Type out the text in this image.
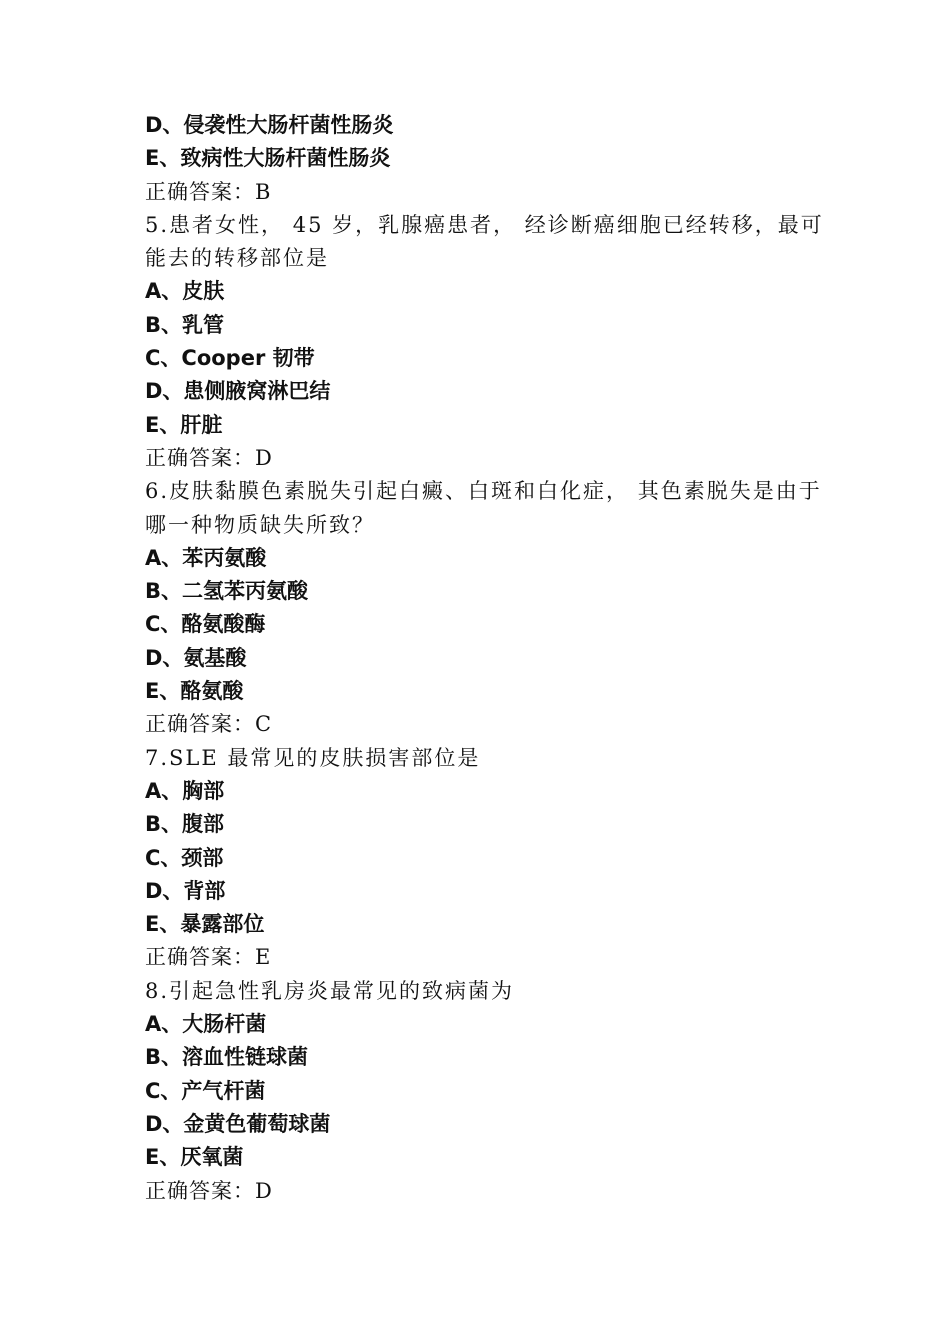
D、侵袭性大肠杆菌性肠炎
E、致病性大肠杆菌性肠炎
正确答案：B
5.患者女性， 45 岁，乳腺癌患者， 经诊断癌细胞已经转移，最可
能去的转移部位是
A、皮肤
B、乳管
C、Cooper 韧带
D、患侧腋窝淋巴结
E、肝脏
正确答案：D
6.皮肤黏膜色素脱失引起白癜、白斑和白化症， 其色素脱失是由于
哪一种物质缺失所致？
A、苯丙氨酸
B、二氢苯丙氨酸
C、酪氨酸酶
D、氨基酸
E、酪氨酸
正确答案：C
7.SLE 最常见的皮肤损害部位是
A、胸部
B、腹部
C、颈部
D、背部
E、暴露部位
正确答案：E
8.引起急性乳房炎最常见的致病菌为
A、大肠杆菌
B、溶血性链球菌
C、产气杆菌
D、金黄色葡萄球菌
E、厌氧菌
正确答案：D
